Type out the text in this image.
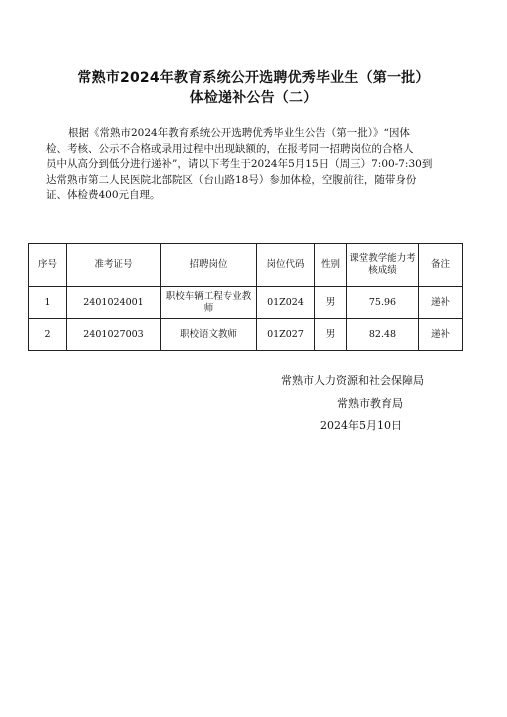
常熟市2024年教育系统公开选聘优秀毕业生（第一批）
体检递补公告（二）
根据《常熟市2024年教育系统公开选聘优秀毕业生公告（第一批）》“因体
检、考核、公示不合格或录用过程中出现缺额的，在报考同一招聘岗位的合格人
员中从高分到低分进行递补”，请以下考生于2024年5月15日（周三）7:00-7:30到
达常熟市第二人民医院北部院区（台山路18号）参加体检，空腹前往，随带身份
证、体检费400元自理。
序号	准考证号	招聘岗位	岗位代码	性别	课堂教学能力考核成绩	备注
1	2401024001	职校车辆工程专业教师	01Z024	男	75.96	递补
2	2401027003	职校语文教师	01Z027	男	82.48	递补
常熟市人力资源和社会保障局
常熟市教育局
2024年5月10日
